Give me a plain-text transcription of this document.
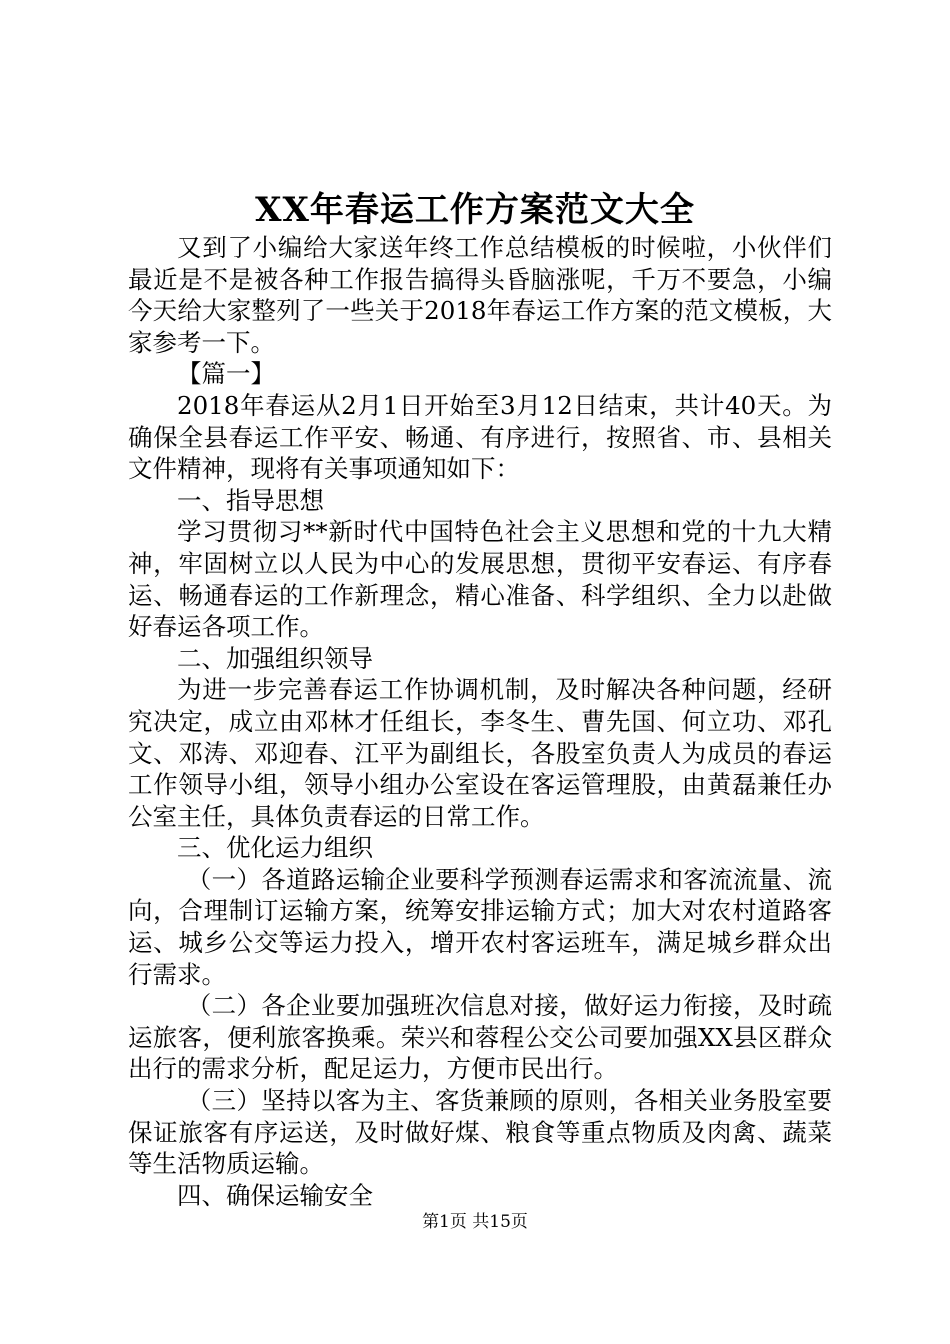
XX年春运工作方案范文大全

又到了小编给大家送年终工作总结模板的时候啦，小伙伴们最近是不是被各种工作报告搞得头昏脑涨呢，千万不要急，小编今天给大家整列了一些关于2018年春运工作方案的范文模板，大家参考一下。

【篇一】

2018年春运从2月1日开始至3月12日结束，共计40天。为确保全县春运工作平安、畅通、有序进行，按照省、市、县相关文件精神，现将有关事项通知如下：

一、指导思想

学习贯彻习**新时代中国特色社会主义思想和党的十九大精神，牢固树立以人民为中心的发展思想，贯彻平安春运、有序春运、畅通春运的工作新理念，精心准备、科学组织、全力以赴做好春运各项工作。

二、加强组织领导

为进一步完善春运工作协调机制，及时解决各种问题，经研究决定，成立由邓林才任组长，李冬生、曹先国、何立功、邓孔文、邓涛、邓迎春、江平为副组长，各股室负责人为成员的春运工作领导小组，领导小组办公室设在客运管理股，由黄磊兼任办公室主任，具体负责春运的日常工作。

三、优化运力组织

（一）各道路运输企业要科学预测春运需求和客流流量、流向，合理制订运输方案，统筹安排运输方式；加大对农村道路客运、城乡公交等运力投入，增开农村客运班车，满足城乡群众出行需求。

（二）各企业要加强班次信息对接，做好运力衔接，及时疏运旅客，便利旅客换乘。荣兴和蓉程公交公司要加强XX县区群众出行的需求分析，配足运力，方便市民出行。

（三）坚持以客为主、客货兼顾的原则，各相关业务股室要保证旅客有序运送，及时做好煤、粮食等重点物质及肉禽、蔬菜等生活物质运输。

四、确保运输安全

第1页 共15页
